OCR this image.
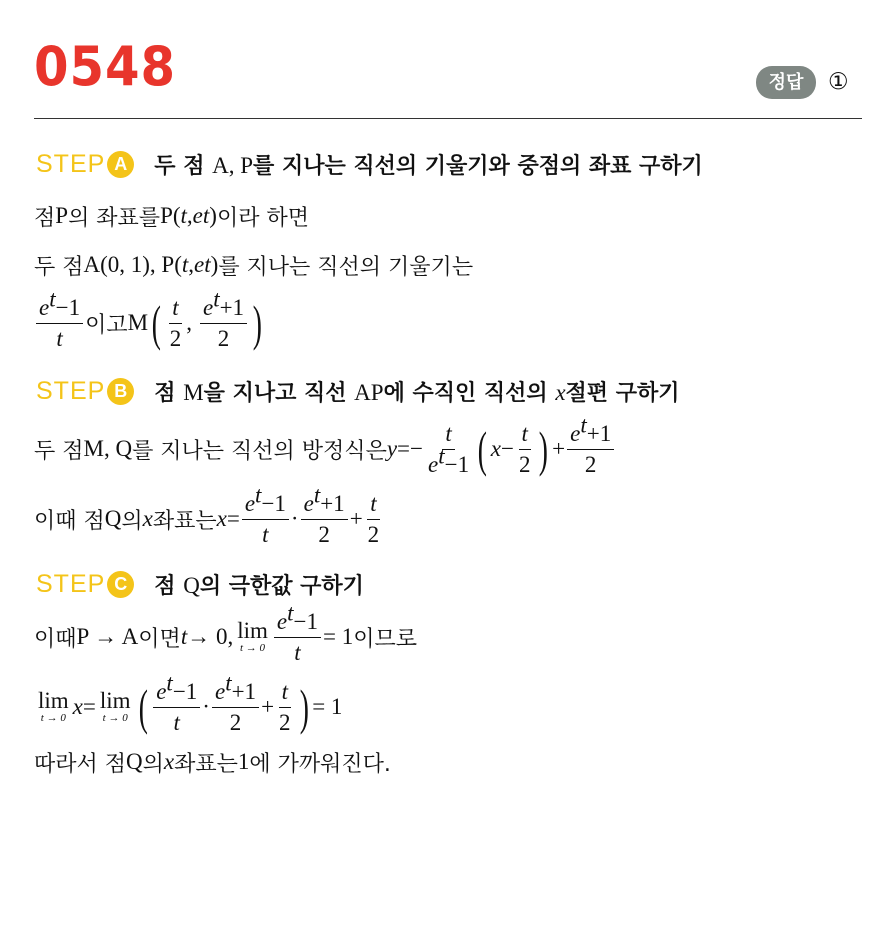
0548	정답	①
STEP A	두 점 A, P를 지나는 직선의 기울기와 중점의 좌표 구하기
점 P 의 좌표를 P( t , e t ) 이라 하면
두 점 A(0, 1), P( t , e t ) 를 지나는 직선의 기울기는
$\frac{e^t-1}{t}$ 이고 M ( $\frac{t}{2}$ , $\frac{e^t+1}{2}$ )
STEP B	점 M을 지나고 직선 AP에 수직인 직선의 x절편 구하기
두 점 M, Q 를 지나는 직선의 방정식은 y = − $\frac{t}{e^t-1}$ ( $x - \frac{t}{2}$ ) + $\frac{e^t+1}{2}$
이때 점 Q 의 x 좌표는 $x = \frac{e^t-1}{t} \cdot \frac{e^t+1}{2} + \frac{t}{2}$
STEP C	점 Q의 극한값 구하기
이때 P → A 이면 t → 0, lim
$t \to 0 \frac{e^t-1}{t} = 1$ 이므로
lim
t → 0 x = lim
t → 0 ( $\frac{e^t-1}{t} \cdot \frac{e^t+1}{2} + \frac{t}{2}$ ) = 1
따라서 점 Q 의 x 좌표는 1 에 가까워진다.
